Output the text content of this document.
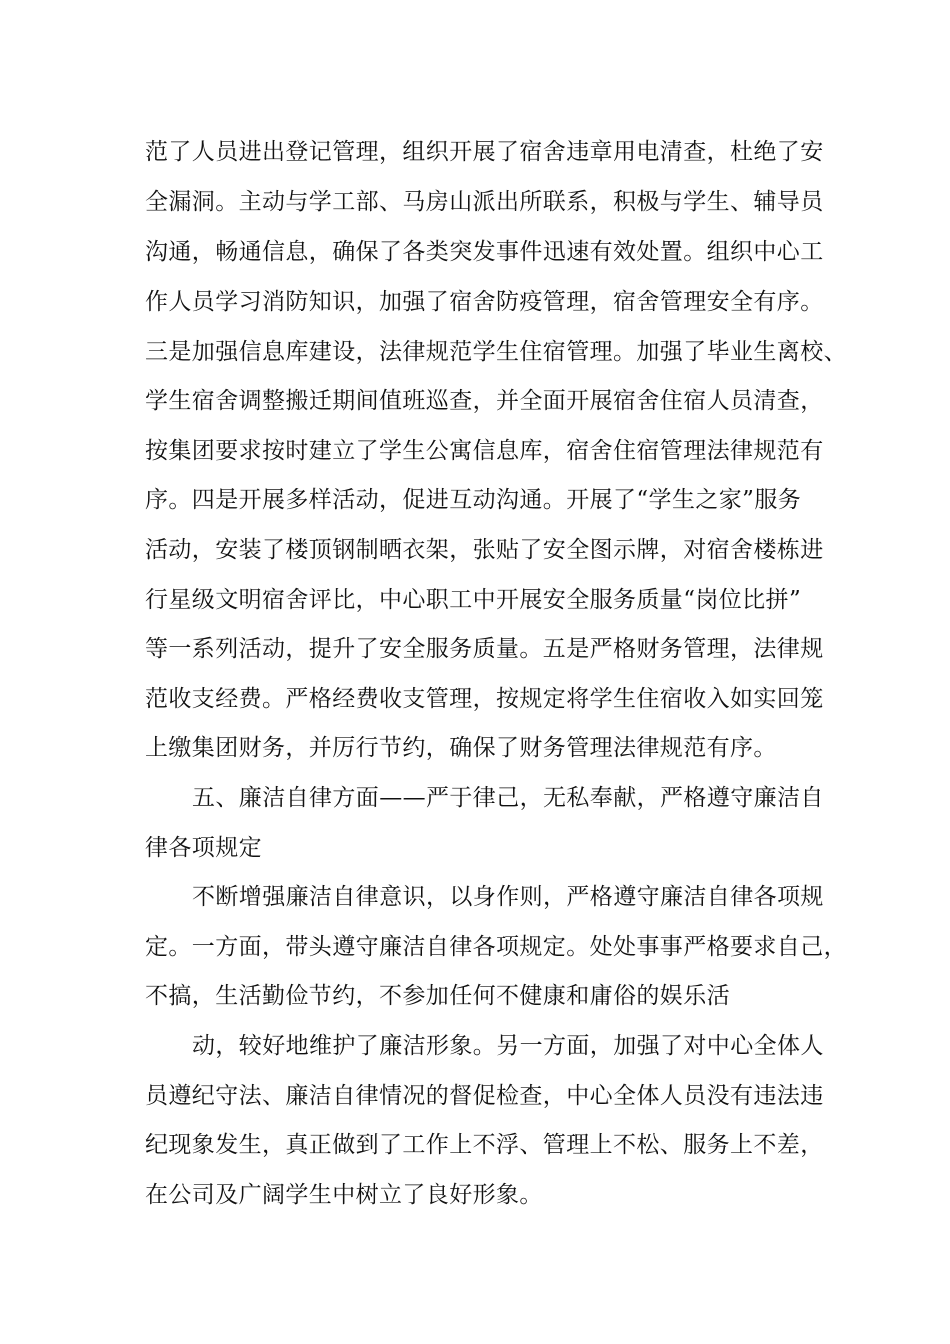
范了人员进出登记管理，组织开展了宿舍违章用电清查，杜绝了安
全漏洞。主动与学工部、马房山派出所联系，积极与学生、辅导员
沟通，畅通信息，确保了各类突发事件迅速有效处置。组织中心工
作人员学习消防知识，加强了宿舍防疫管理，宿舍管理安全有序。
三是加强信息库建设，法律规范学生住宿管理。加强了毕业生离校、
学生宿舍调整搬迁期间值班巡查，并全面开展宿舍住宿人员清查，
按集团要求按时建立了学生公寓信息库，宿舍住宿管理法律规范有
序。四是开展多样活动，促进互动沟通。开展了“学生之家”服务
活动，安装了楼顶钢制晒衣架，张贴了安全图示牌，对宿舍楼栋进
行星级文明宿舍评比，中心职工中开展安全服务质量“岗位比拼”
等一系列活动，提升了安全服务质量。五是严格财务管理，法律规
范收支经费。严格经费收支管理，按规定将学生住宿收入如实回笼
上缴集团财务，并厉行节约，确保了财务管理法律规范有序。
五、廉洁自律方面——严于律己，无私奉献，严格遵守廉洁自
律各项规定
不断增强廉洁自律意识，以身作则，严格遵守廉洁自律各项规
定。一方面，带头遵守廉洁自律各项规定。处处事事严格要求自己，
不搞，生活勤俭节约，不参加任何不健康和庸俗的娱乐活
动，较好地维护了廉洁形象。另一方面，加强了对中心全体人
员遵纪守法、廉洁自律情况的督促检查，中心全体人员没有违法违
纪现象发生，真正做到了工作上不浮、管理上不松、服务上不差，
在公司及广阔学生中树立了良好形象。
